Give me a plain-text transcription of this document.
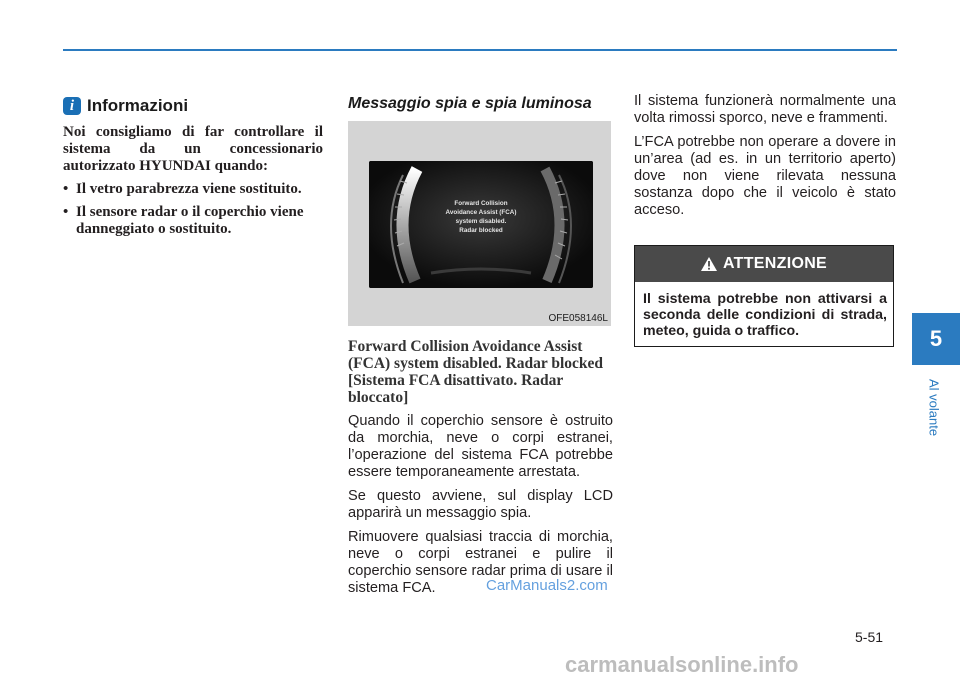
i Informazioni

Noi consigliamo di far controllare il sistema da un concessionario autorizzato HYUNDAI quando:

• Il vetro parabrezza viene sostituito.
• Il sensore radar o il coperchio viene danneggiato o sostituito.
Messaggio spia e spia luminosa
Forward Collision
Avoidance Assist (FCA)
system disabled.
Radar blocked
OFE058146L
Forward Collision Avoidance Assist (FCA) system disabled. Radar blocked [Sistema FCA disattivato. Radar bloccato]

Quando il coperchio sensore è ostruito da morchia, neve o corpi estranei, l’operazione del sistema FCA potrebbe essere temporaneamente arrestata.

Se questo avviene, sul display LCD apparirà un messaggio spia.

Rimuovere qualsiasi traccia di morchia, neve o corpi estranei e pulire il coperchio sensore radar prima di usare il sistema FCA.

Il sistema funzionerà normalmente una volta rimossi sporco, neve e frammenti.

L’FCA potrebbe non operare a dovere in un’area (ad es. in un territorio aperto) dove non viene rilevata nessuna sostanza dopo che il veicolo è stato acceso.

ATTENZIONE
Il sistema potrebbe non attivarsi a seconda delle condizioni di strada, meteo, guida o traffico.	5
Al volante
5-51
CarManuals2.com
carmanualsonline.info
